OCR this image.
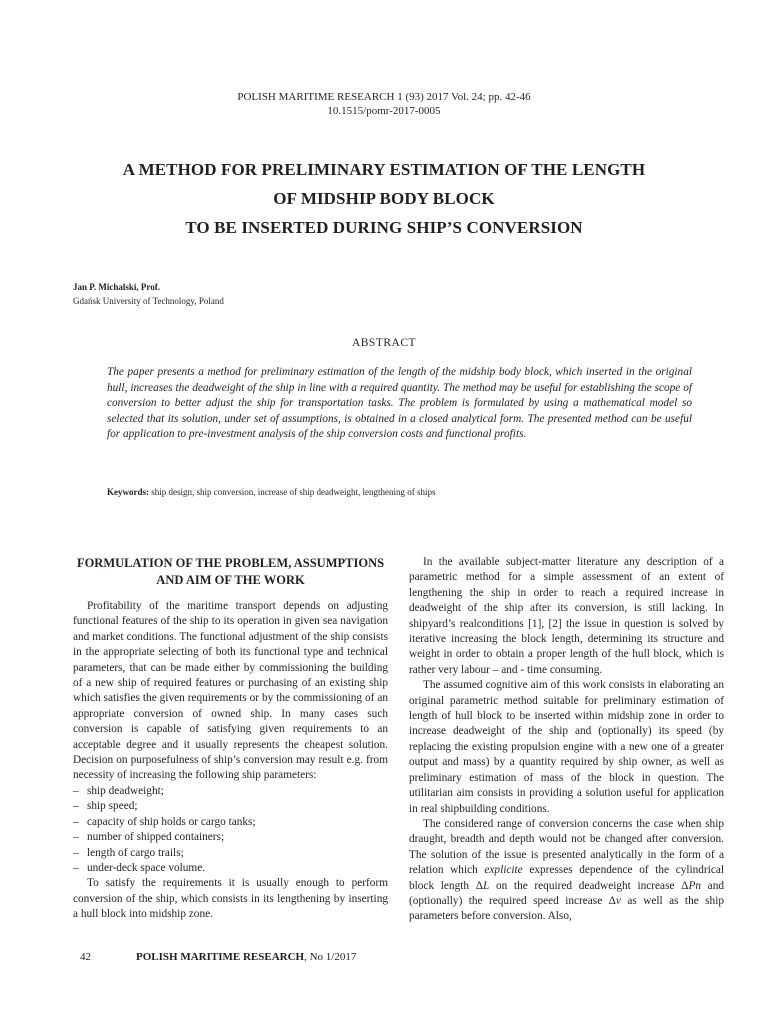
POLISH MARITIME RESEARCH 1 (93) 2017 Vol. 24; pp. 42-46
10.1515/pomr-2017-0005
A METHOD FOR PRELIMINARY ESTIMATION OF THE LENGTH
OF MIDSHIP BODY BLOCK
TO BE INSERTED DURING SHIP’S CONVERSION
Jan P. Michalski, Prof.
Gdańsk University of Technology, Poland
ABSTRACT
The paper presents a method for preliminary estimation of the length of the midship body block, which inserted in the original hull, increases the deadweight of the ship in line with a required quantity. The method may be useful for establishing the scope of conversion to better adjust the ship for transportation tasks. The problem is formulated by using a mathematical model so selected that its solution, under set of assumptions, is obtained in a closed analytical form. The presented method can be useful for application to pre-investment analysis of the ship conversion costs and functional profits.
Keywords: ship design, ship conversion, increase of ship deadweight, lengthening of ships
FORMULATION OF THE PROBLEM, ASSUMPTIONS AND AIM OF THE WORK

Profitability of the maritime transport depends on adjusting functional features of the ship to its operation in given sea navigation and market conditions. The functional adjustment of the ship consists in the appropriate selecting of both its functional type and technical parameters, that can be made either by commissioning the building of a new ship of required features or purchasing of an existing ship which satisfies the given requirements or by the commissioning of an appropriate conversion of owned ship. In many cases such conversion is capable of satisfying given requirements to an acceptable degree and it usually represents the cheapest solution. Decision on purposefulness of ship’s conversion may result e.g. from necessity of increasing the following ship parameters:

– ship deadweight;
– ship speed;
– capacity of ship holds or cargo tanks;
– number of shipped containers;
– length of cargo trails;
– under-deck space volume.

To satisfy the requirements it is usually enough to perform conversion of the ship, which consists in its lengthening by inserting a hull block into midship zone.

In the available subject-matter literature any description of a parametric method for a simple assessment of an extent of lengthening the ship in order to reach a required increase in deadweight of the ship after its conversion, is still lacking. In shipyard’s realconditions [1], [2] the issue in question is solved by iterative increasing the block length, determining its structure and weight in order to obtain a proper length of the hull block, which is rather very labour – and - time consuming.

The assumed cognitive aim of this work consists in elaborating an original parametric method suitable for preliminary estimation of length of hull block to be inserted within midship zone in order to increase deadweight of the ship and (optionally) its speed (by replacing the existing propulsion engine with a new one of a greater output and mass) by a quantity required by ship owner, as well as preliminary estimation of mass of the block in question. The utilitarian aim consists in providing a solution useful for application in real shipbuilding conditions.

The considered range of conversion concerns the case when ship draught, breadth and depth would not be changed after conversion. The solution of the issue is presented analytically in the form of a relation which explicite expresses dependence of the cylindrical block length ΔL on the required deadweight increase ΔPn and (optionally) the required speed increase Δv as well as the ship parameters before conversion. Also,

42	POLISH MARITIME RESEARCH, No 1/2017
